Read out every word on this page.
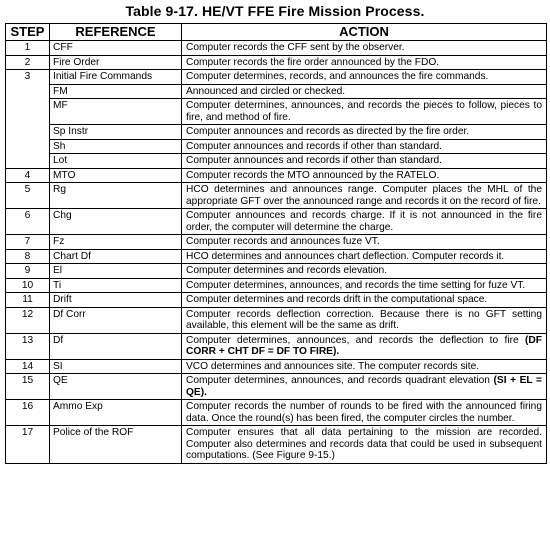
Table 9-17. HE/VT FFE Fire Mission Process.
STEP	REFERENCE	ACTION
1	CFF	Computer records the CFF sent by the observer.
2	Fire Order	Computer records the fire order announced by the FDO.
3	Initial Fire Commands	Computer determines, records, and announces the fire commands.
	FM	Announced and circled or checked.
	MF	Computer determines, announces, and records the pieces to follow, pieces to fire, and method of fire.
	Sp Instr	Computer announces and records as directed by the fire order.
	Sh	Computer announces and records if other than standard.
	Lot	Computer announces and records if other than standard.
4	MTO	Computer records the MTO announced by the RATELO.
5	Rg	HCO determines and announces range. Computer places the MHL of the appropriate GFT over the announced range and records it on the record of fire.
6	Chg	Computer announces and records charge. If it is not announced in the fire order, the computer will determine the charge.
7	Fz	Computer records and announces fuze VT.
8	Chart Df	HCO determines and announces chart deflection. Computer records it.
9	El	Computer determines and records elevation.
10	Ti	Computer determines, announces, and records the time setting for fuze VT.
11	Drift	Computer determines and records drift in the computational space.
12	Df Corr	Computer records deflection correction. Because there is no GFT setting available, this element will be the same as drift.
13	Df	Computer determines, announces, and records the deflection to fire (DF CORR + CHT DF = DF TO FIRE).
14	SI	VCO determines and announces site. The computer records site.
15	QE	Computer determines, announces, and records quadrant elevation (SI + EL = QE).
16	Ammo Exp	Computer records the number of rounds to be fired with the announced firing data. Once the round(s) has been fired, the computer circles the number.
17	Police of the ROF	Computer ensures that all data pertaining to the mission are recorded. Computer also determines and records data that could be used in subsequent computations. (See Figure 9-15.)
